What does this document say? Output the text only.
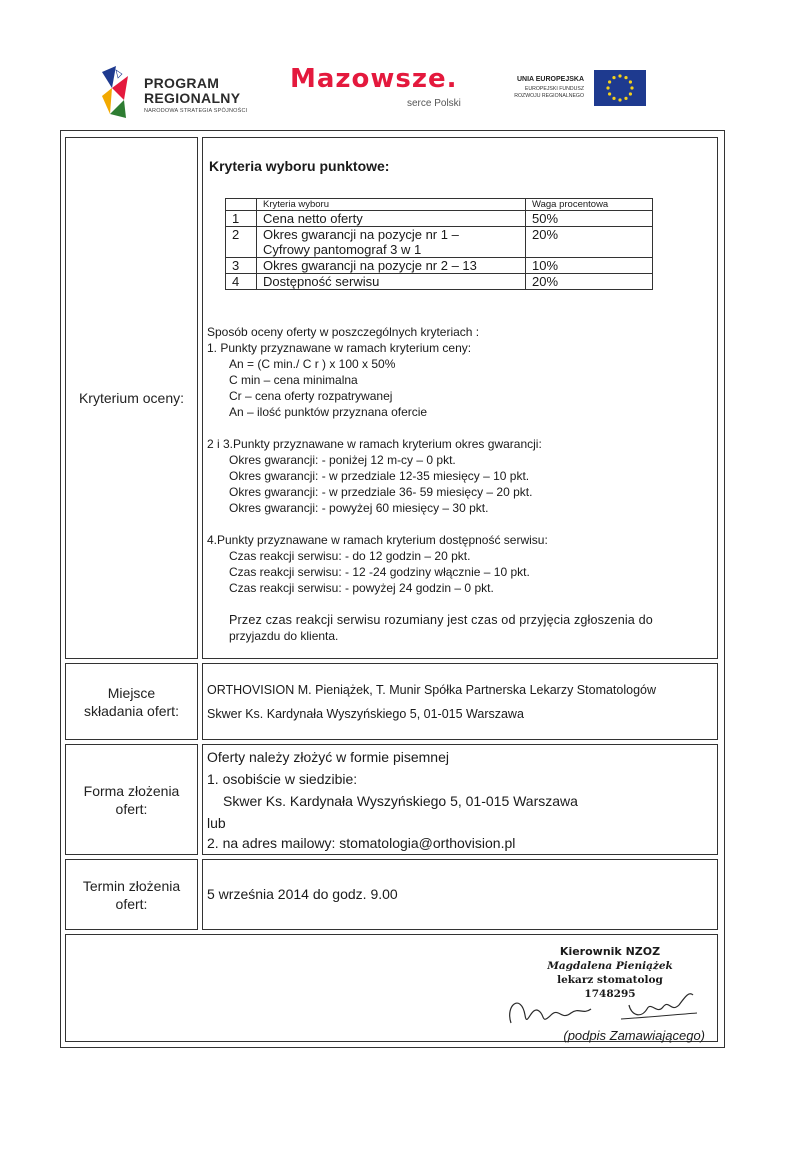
PROGRAM
REGIONALNY
NARODOWA STRATEGIA SPÓJNOŚCI
Mazowsze.
serce Polski
UNIA EUROPEJSKA
EUROPEJSKI FUNDUSZ
ROZWOJU REGIONALNEGO
Kryterium oceny:
Kryteria wyboru punktowe:
	Kryteria wyboru	Waga procentowa
1	Cena netto oferty	50%
2	Okres gwarancji na pozycje nr 1 –	20%
	Cyfrowy pantomograf 3 w 1	
3	Okres gwarancji na pozycje nr 2 – 13	10%
4	Dostępność serwisu	20%
Sposób oceny oferty w poszczególnych kryteriach :
1. Punkty przyznawane w ramach kryterium ceny:
An = (C min./ C r ) x 100 x 50%
C min – cena minimalna
Cr – cena oferty rozpatrywanej
An – ilość punktów przyznana ofercie
2 i 3.Punkty przyznawane w ramach kryterium okres gwarancji:
Okres gwarancji: - poniżej 12 m-cy – 0 pkt.
Okres gwarancji: - w przedziale 12-35 miesięcy – 10 pkt.
Okres gwarancji: - w przedziale 36- 59 miesięcy – 20 pkt.
Okres gwarancji: - powyżej 60 miesięcy – 30 pkt.
4.Punkty przyznawane w ramach kryterium dostępność serwisu:
Czas reakcji serwisu: - do 12 godzin – 20 pkt.
Czas reakcji serwisu: - 12 -24 godziny włącznie – 10 pkt.
Czas reakcji serwisu: - powyżej 24 godzin – 0 pkt.
Przez czas reakcji serwisu rozumiany jest czas od przyjęcia zgłoszenia do
przyjazdu do klienta.
Miejsce
składania ofert:
ORTHOVISION M. Pieniążek, T. Munir Spółka Partnerska Lekarzy Stomatologów
Skwer Ks. Kardynała Wyszyńskiego 5, 01-015 Warszawa
Forma złożenia
ofert:
Oferty należy złożyć w formie pisemnej
1. osobiście w siedzibie:
Skwer Ks. Kardynała Wyszyńskiego 5, 01-015 Warszawa
lub
2. na adres mailowy: stomatologia@orthovision.pl
Termin złożenia
ofert:
5 września 2014 do godz. 9.00
Kierownik NZOZ
Magdalena Pieniążek
lekarz stomatolog
1748295
(podpis Zamawiającego)
